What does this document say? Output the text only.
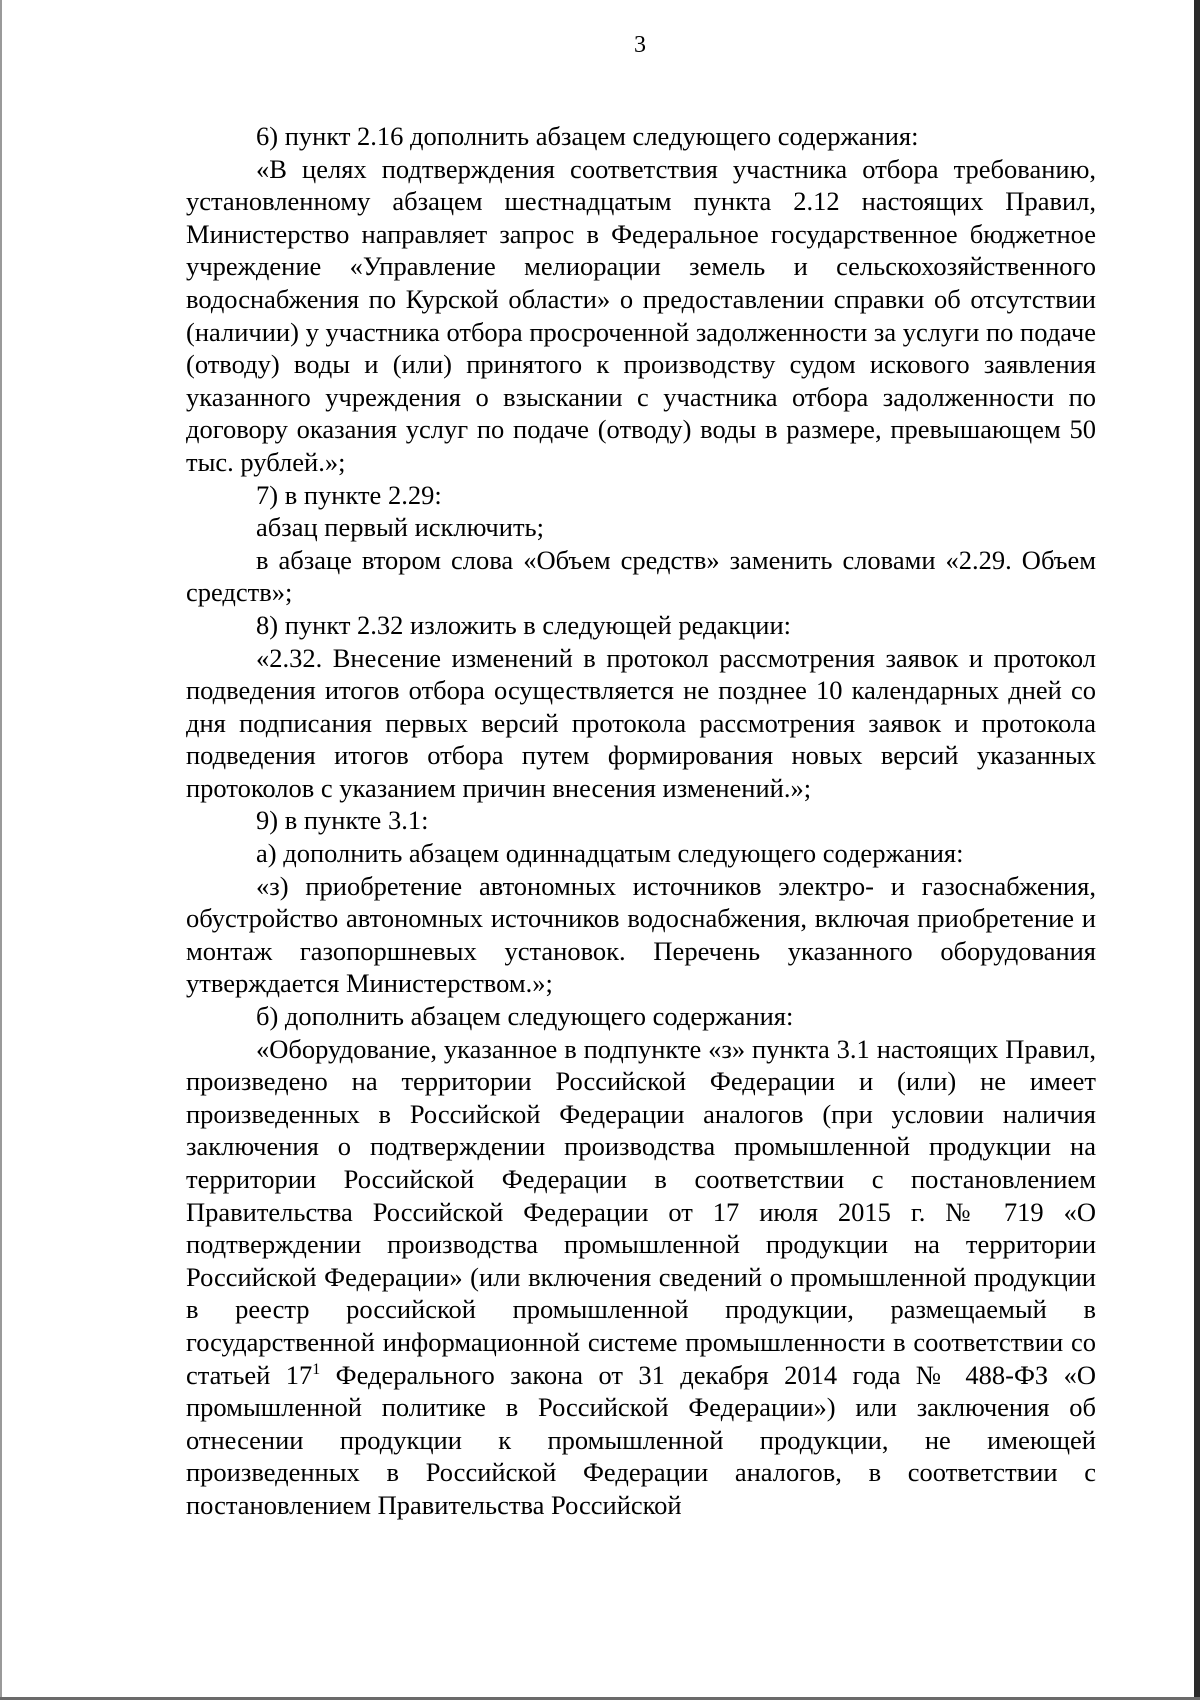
3

6) пункт 2.16 дополнить абзацем следующего содержания:

«В целях подтверждения соответствия участника отбора требованию, установленному абзацем шестнадцатым пункта 2.12 настоящих Правил, Министерство направляет запрос в Федеральное государственное бюджетное учреждение «Управление мелиорации земель и сельскохозяйственного водоснабжения по Курской области» о предоставлении справки об отсутствии (наличии) у участника отбора просроченной задолженности за услуги по подаче (отводу) воды и (или) принятого к производству судом искового заявления указанного учреждения о взыскании с участника отбора задолженности по договору оказания услуг по подаче (отводу) воды в размере, превышающем 50 тыс. рублей.»;

7) в пункте 2.29:

абзац первый исключить;

в абзаце втором слова «Объем средств» заменить словами «2.29. Объем средств»;

8) пункт 2.32 изложить в следующей редакции:

«2.32. Внесение изменений в протокол рассмотрения заявок и протокол подведения итогов отбора осуществляется не позднее 10 календарных дней со дня подписания первых версий протокола рассмотрения заявок и протокола подведения итогов отбора путем формирования новых версий указанных протоколов с указанием причин внесения изменений.»;

9) в пункте 3.1:

а) дополнить абзацем одиннадцатым следующего содержания:

«з) приобретение автономных источников электро- и газоснабжения, обустройство автономных источников водоснабжения, включая приобретение и монтаж газопоршневых установок. Перечень указанного оборудования утверждается Министерством.»;

б) дополнить абзацем следующего содержания:

«Оборудование, указанное в подпункте «з» пункта 3.1 настоящих Правил, произведено на территории Российской Федерации и (или) не имеет произведенных в Российской Федерации аналогов (при условии наличия заключения о подтверждении производства промышленной продукции на территории Российской Федерации в соответствии с постановлением Правительства Российской Федерации от 17 июля 2015 г. № 719 «О подтверждении производства промышленной продукции на территории Российской Федерации» (или включения сведений о промышленной продукции в реестр российской промышленной продукции, размещаемый в государственной информационной системе промышленности в соответствии со статьей $17^1$ Федерального закона от 31 декабря 2014 года № 488-ФЗ «О промышленной политике в Российской Федерации») или заключения об отнесении продукции к промышленной продукции, не имеющей произведенных в Российской Федерации аналогов, в соответствии с постановлением Правительства Российской
